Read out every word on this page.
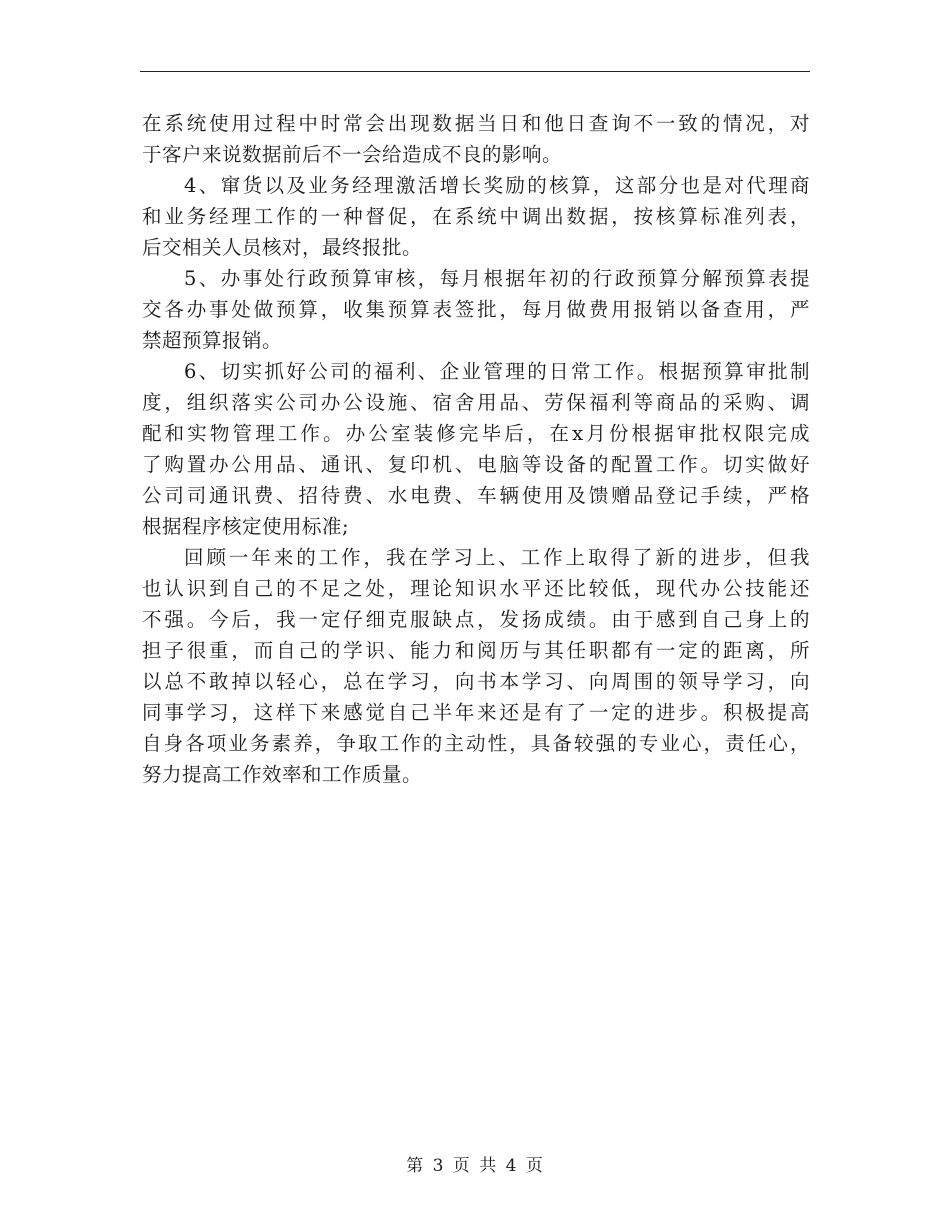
在系统使用过程中时常会出现数据当日和他日查询不一致的情况，对
于客户来说数据前后不一会给造成不良的影响。
4、窜货以及业务经理激活增长奖励的核算，这部分也是对代理商
和业务经理工作的一种督促，在系统中调出数据，按核算标准列表，
后交相关人员核对，最终报批。
5、办事处行政预算审核，每月根据年初的行政预算分解预算表提
交各办事处做预算，收集预算表签批，每月做费用报销以备查用，严
禁超预算报销。
6、切实抓好公司的福利、企业管理的日常工作。根据预算审批制
度，组织落实公司办公设施、宿舍用品、劳保福利等商品的采购、调
配和实物管理工作。办公室装修完毕后，在x月份根据审批权限完成
了购置办公用品、通讯、复印机、电脑等设备的配置工作。切实做好
公司司通讯费、招待费、水电费、车辆使用及馈赠品登记手续，严格
根据程序核定使用标准;
回顾一年来的工作，我在学习上、工作上取得了新的进步，但我
也认识到自己的不足之处，理论知识水平还比较低，现代办公技能还
不强。今后，我一定仔细克服缺点，发扬成绩。由于感到自己身上的
担子很重，而自己的学识、能力和阅历与其任职都有一定的距离，所
以总不敢掉以轻心，总在学习，向书本学习、向周围的领导学习，向
同事学习，这样下来感觉自己半年来还是有了一定的进步。积极提高
自身各项业务素养，争取工作的主动性，具备较强的专业心，责任心，
努力提高工作效率和工作质量。
第 3 页 共 4 页
